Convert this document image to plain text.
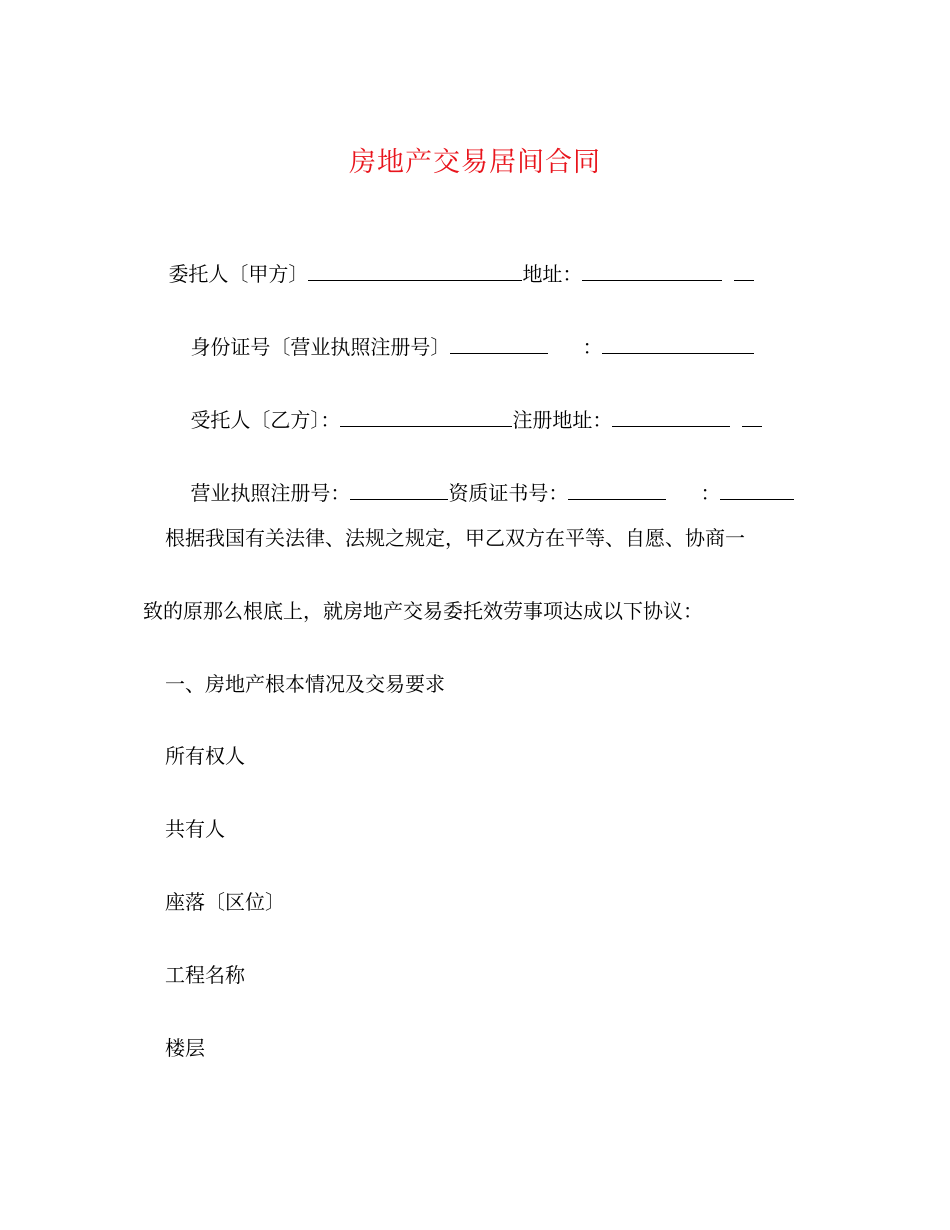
房地产交易居间合同

委托人〔甲方〕	地址：

身份证号〔营业执照注册号〕	：

受托人〔乙方〕：	注册地址：

营业执照注册号：	资质证书号：	：

根据我国有关法律、法规之规定，甲乙双方在平等、自愿、协商一
致的原那么根底上，就房地产交易委托效劳事项达成以下协议：
一、房地产根本情况及交易要求
所有权人
共有人
座落〔区位〕
工程名称
楼层
